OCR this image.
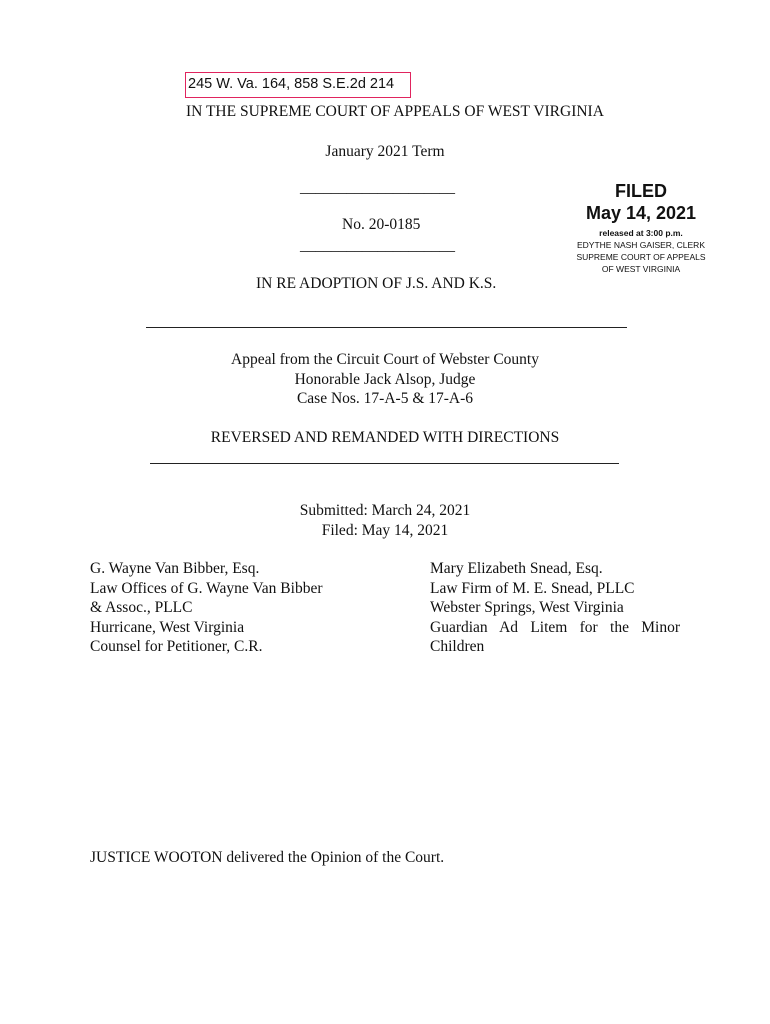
245 W. Va. 164, 858 S.E.2d 214
IN THE SUPREME COURT OF APPEALS OF WEST VIRGINIA
January 2021 Term
____________________
No. 20-0185
____________________
FILED
May 14, 2021
released at 3:00 p.m.
EDYTHE NASH GAISER, CLERK
SUPREME COURT OF APPEALS
OF WEST VIRGINIA
IN RE ADOPTION OF J.S. AND K.S.
Appeal from the Circuit Court of Webster County
Honorable Jack Alsop, Judge
Case Nos. 17-A-5 & 17-A-6
REVERSED AND REMANDED WITH DIRECTIONS
Submitted: March 24, 2021
Filed: May 14, 2021
G. Wayne Van Bibber, Esq.
Law Offices of G. Wayne Van Bibber
& Assoc., PLLC
Hurricane, West Virginia
Counsel for Petitioner, C.R.
Mary Elizabeth Snead, Esq.
Law Firm of M. E. Snead, PLLC
Webster Springs, West Virginia
Guardian Ad Litem for the Minor
Children
JUSTICE WOOTON delivered the Opinion of the Court.
